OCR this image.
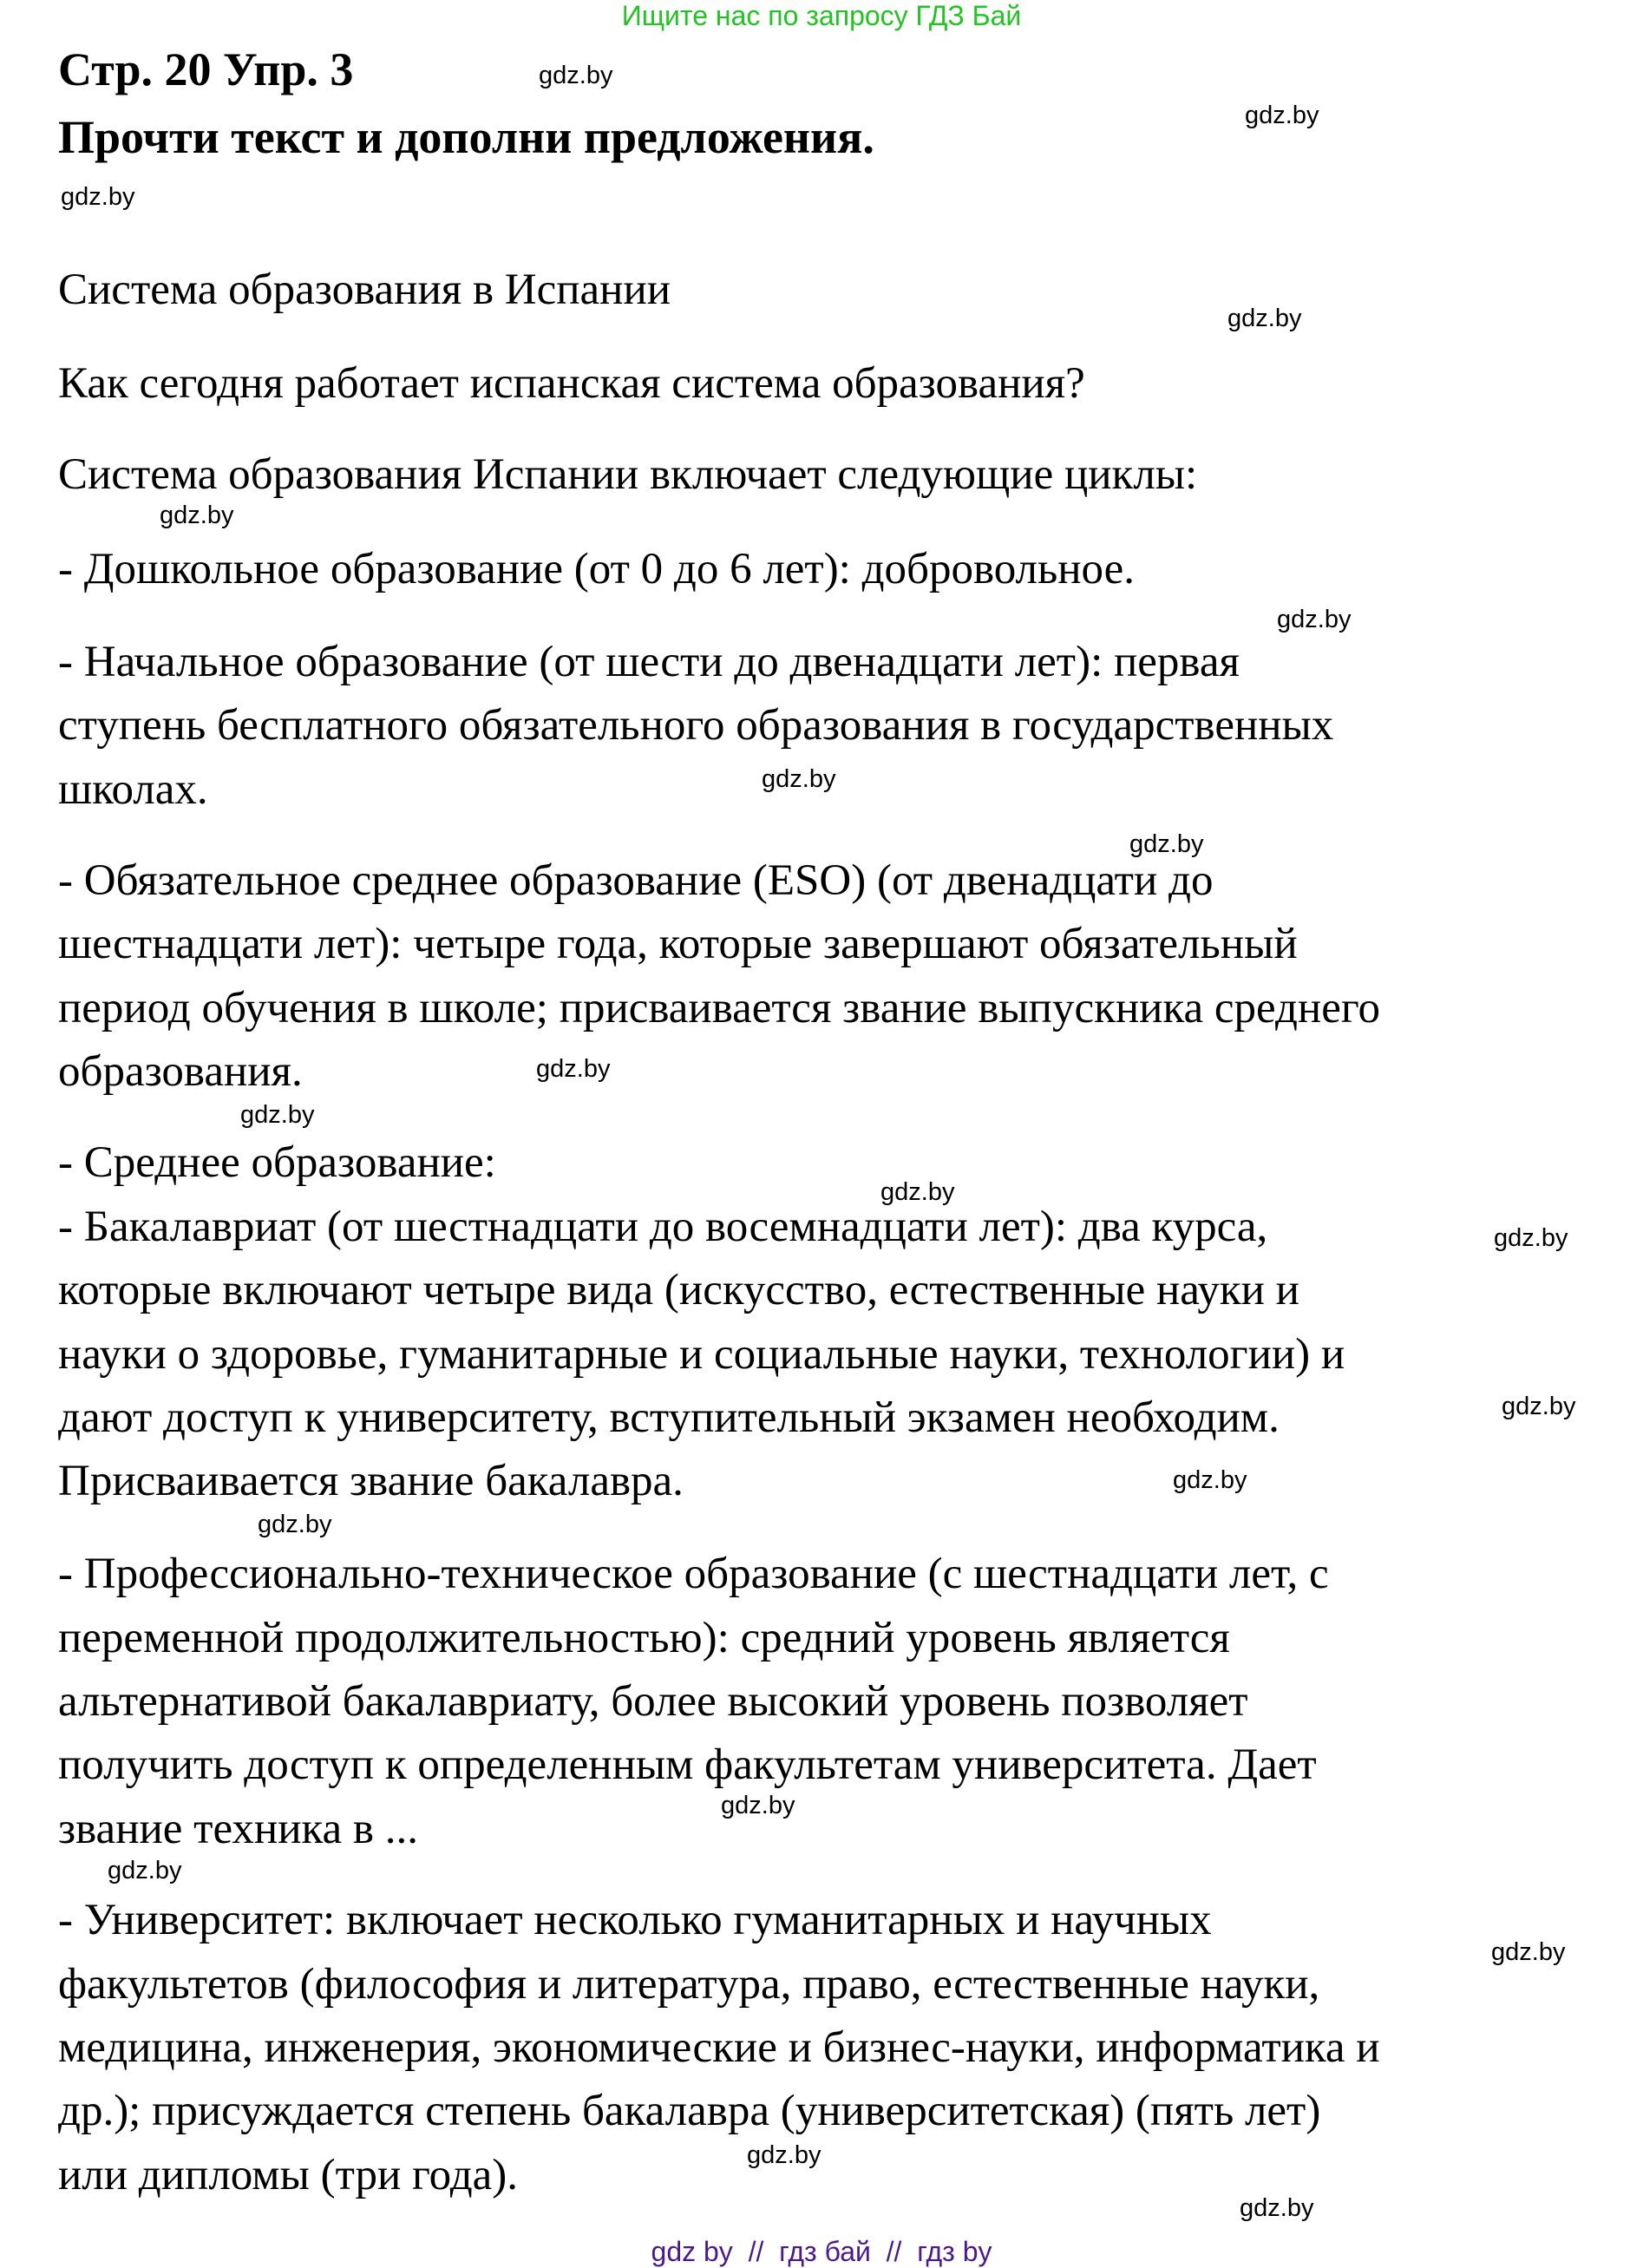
Ищите нас по запросу ГДЗ Бай
Стр. 20 Упр. 3
Прочти текст и дополни предложения.
Система образования в Испании
Как сегодня работает испанская система образования?
Система образования Испании включает следующие циклы:
- Дошкольное образование (от 0 до 6 лет): добровольное.
- Начальное образование (от шести до двенадцати лет): первая
ступень бесплатного обязательного образования в государственных
школах.
- Обязательное среднее образование (ESO) (от двенадцати до
шестнадцати лет): четыре года, которые завершают обязательный
период обучения в школе; присваивается звание выпускника среднего
образования.
- Среднее образование:
- Бакалавриат (от шестнадцати до восемнадцати лет): два курса,
которые включают четыре вида (искусство, естественные науки и
науки о здоровье, гуманитарные и социальные науки, технологии) и
дают доступ к университету, вступительный экзамен необходим.
Присваивается звание бакалавра.
- Профессионально-техническое образование (с шестнадцати лет, с
переменной продолжительностью): средний уровень является
альтернативой бакалавриату, более высокий уровень позволяет
получить доступ к определенным факультетам университета. Дает
звание техника в ...
- Университет: включает несколько гуманитарных и научных
факультетов (философия и литература, право, естественные науки,
медицина, инженерия, экономические и бизнес-науки, информатика и
др.); присуждается степень бакалавра (университетская) (пять лет)
или дипломы (три года).
gdz.by
gdz.by
gdz.by
gdz.by
gdz.by
gdz.by
gdz.by
gdz.by
gdz.by
gdz.by
gdz.by
gdz.by
gdz.by
gdz.by
gdz.by
gdz.by
gdz.by
gdz.by
gdz.by
gdz.by
gdz by  //  гдз бай  //  гдз by
